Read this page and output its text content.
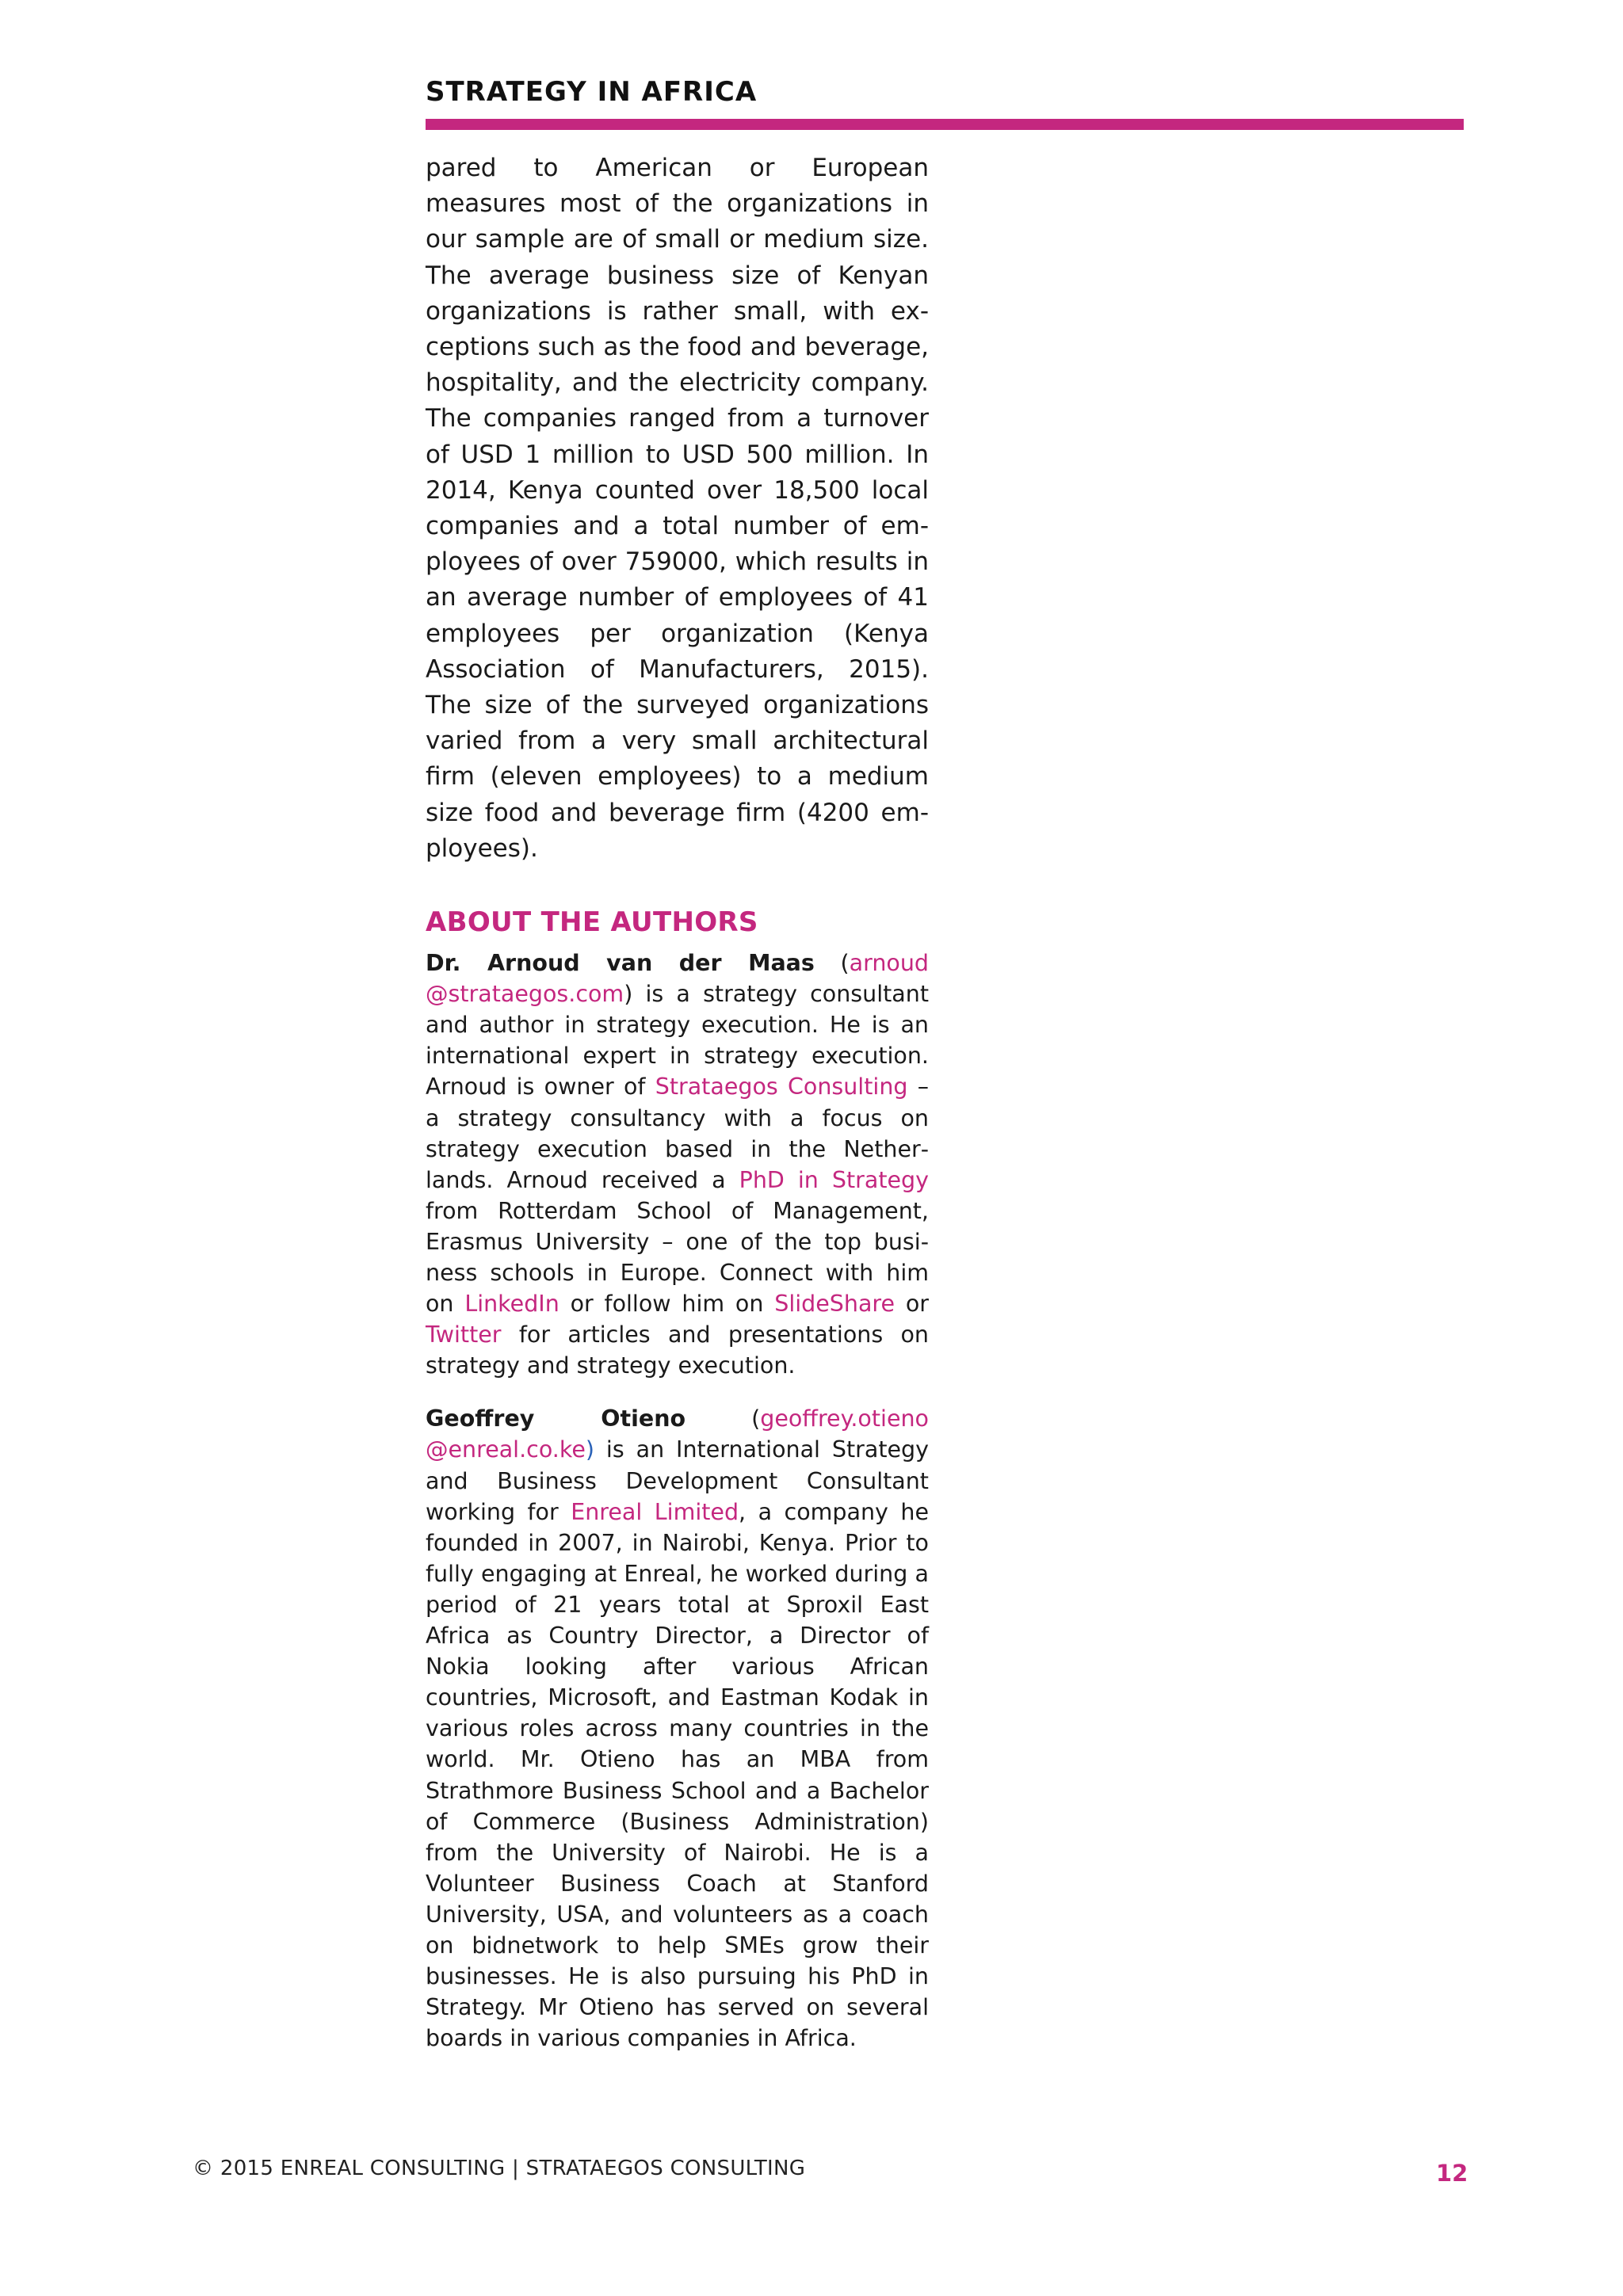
STRATEGY IN AFRICA

pared to American or European measures most of the organizations in our sample are of small or medium size. The average business size of Kenyan organizations is rather small, with exceptions such as the food and beverage, hospitality, and the electricity company. The companies ranged from a turnover of USD 1 million to USD 500 million. In 2014, Kenya counted over 18,500 local companies and a total number of employees of over 759000, which results in an average number of employees of 41 employees per organization (Kenya Association of Manufacturers, 2015). The size of the surveyed organizations varied from a very small architectural firm (eleven employees) to a medium size food and beverage firm (4200 employees).

ABOUT THE AUTHORS

Dr. Arnoud van der Maas (arnoud @strataegos.com) is a strategy consultant and author in strategy execution. He is an international expert in strategy execution. Arnoud is owner of Strataegos Consulting – a strategy consultancy with a focus on strategy execution based in the Netherlands. Arnoud received a PhD in Strategy from Rotterdam School of Management, Erasmus University – one of the top business schools in Europe. Connect with him on LinkedIn or follow him on SlideShare or Twitter for articles and presentations on strategy and strategy execution.

Geoffrey Otieno (geoffrey.otieno @enreal.co.ke) is an International Strategy and Business Development Consultant working for Enreal Limited, a company he founded in 2007, in Nairobi, Kenya. Prior to fully engaging at Enreal, he worked during a period of 21 years total at Sproxil East Africa as Country Director, a Director of Nokia looking after various African countries, Microsoft, and Eastman Kodak in various roles across many countries in the world. Mr. Otieno has an MBA from Strathmore Business School and a Bachelor of Commerce (Business Administration) from the University of Nairobi. He is a Volunteer Business Coach at Stanford University, USA, and volunteers as a coach on bidnetwork to help SMEs grow their businesses. He is also pursuing his PhD in Strategy. Mr Otieno has served on several boards in various companies in Africa.

© 2015 ENREAL CONSULTING | STRATAEGOS CONSULTING	12
